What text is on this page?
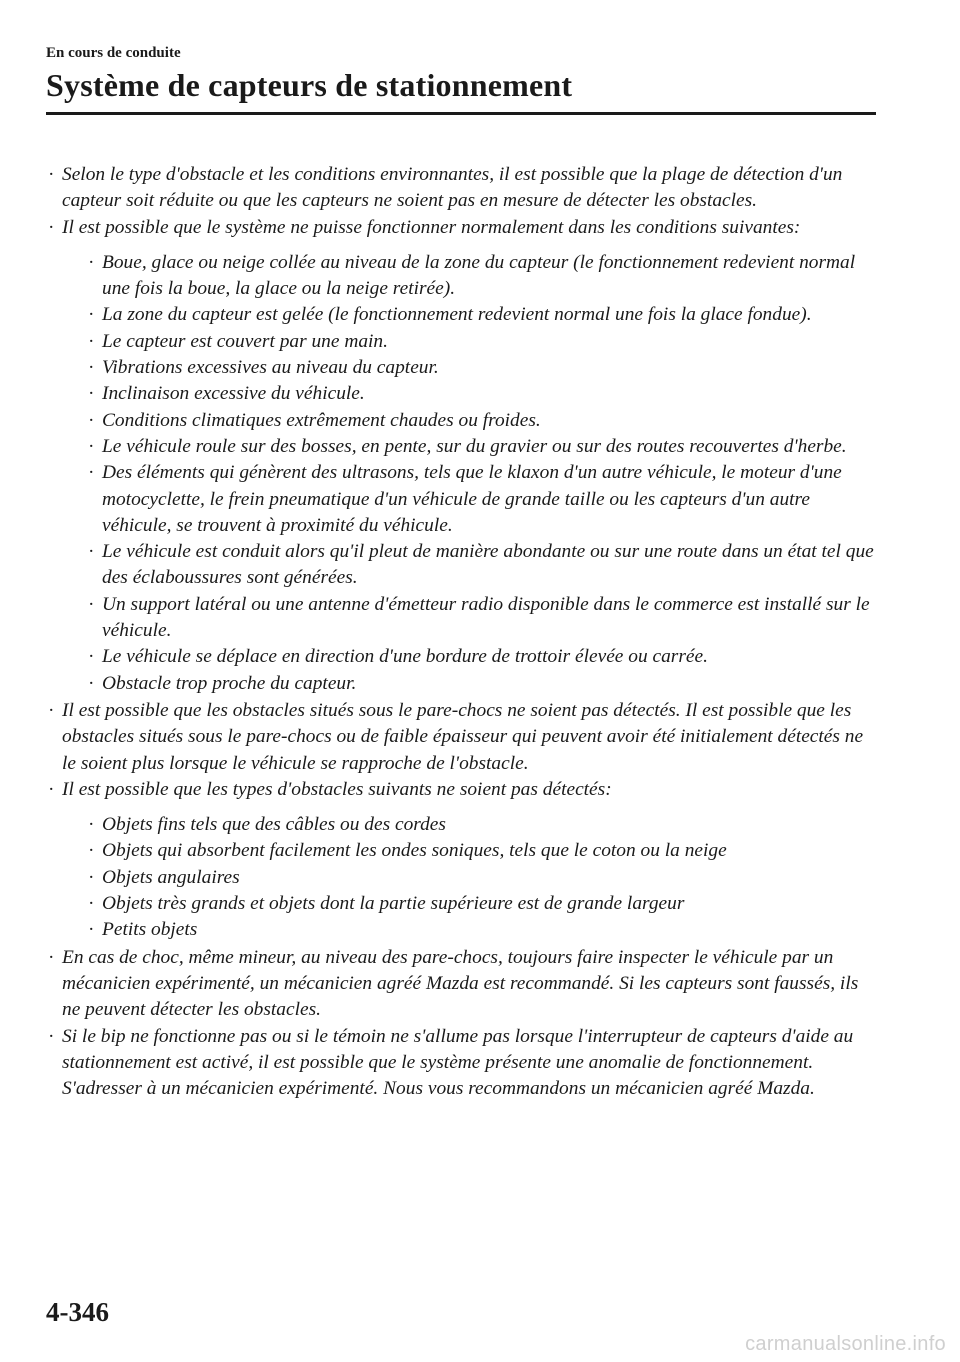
En cours de conduite
Système de capteurs de stationnement
· Selon le type d'obstacle et les conditions environnantes, il est possible que la plage de détection d'un capteur soit réduite ou que les capteurs ne soient pas en mesure de détecter les obstacles.
· Il est possible que le système ne puisse fonctionner normalement dans les conditions suivantes:
· Boue, glace ou neige collée au niveau de la zone du capteur (le fonctionnement redevient normal une fois la boue, la glace ou la neige retirée).
· La zone du capteur est gelée (le fonctionnement redevient normal une fois la glace fondue).
· Le capteur est couvert par une main.
· Vibrations excessives au niveau du capteur.
· Inclinaison excessive du véhicule.
· Conditions climatiques extrêmement chaudes ou froides.
· Le véhicule roule sur des bosses, en pente, sur du gravier ou sur des routes recouvertes d'herbe.
· Des éléments qui génèrent des ultrasons, tels que le klaxon d'un autre véhicule, le moteur d'une motocyclette, le frein pneumatique d'un véhicule de grande taille ou les capteurs d'un autre véhicule, se trouvent à proximité du véhicule.
· Le véhicule est conduit alors qu'il pleut de manière abondante ou sur une route dans un état tel que des éclaboussures sont générées.
· Un support latéral ou une antenne d'émetteur radio disponible dans le commerce est installé sur le véhicule.
· Le véhicule se déplace en direction d'une bordure de trottoir élevée ou carrée.
· Obstacle trop proche du capteur.
· Il est possible que les obstacles situés sous le pare-chocs ne soient pas détectés. Il est possible que les obstacles situés sous le pare-chocs ou de faible épaisseur qui peuvent avoir été initialement détectés ne le soient plus lorsque le véhicule se rapproche de l'obstacle.
· Il est possible que les types d'obstacles suivants ne soient pas détectés:
· Objets fins tels que des câbles ou des cordes
· Objets qui absorbent facilement les ondes soniques, tels que le coton ou la neige
· Objets angulaires
· Objets très grands et objets dont la partie supérieure est de grande largeur
· Petits objets
· En cas de choc, même mineur, au niveau des pare-chocs, toujours faire inspecter le véhicule par un mécanicien expérimenté, un mécanicien agréé Mazda est recommandé. Si les capteurs sont faussés, ils ne peuvent détecter les obstacles.
· Si le bip ne fonctionne pas ou si le témoin ne s'allume pas lorsque l'interrupteur de capteurs d'aide au stationnement est activé, il est possible que le système présente une anomalie de fonctionnement. S'adresser à un mécanicien expérimenté. Nous vous recommandons un mécanicien agréé Mazda.
4-346
carmanualsonline.info
